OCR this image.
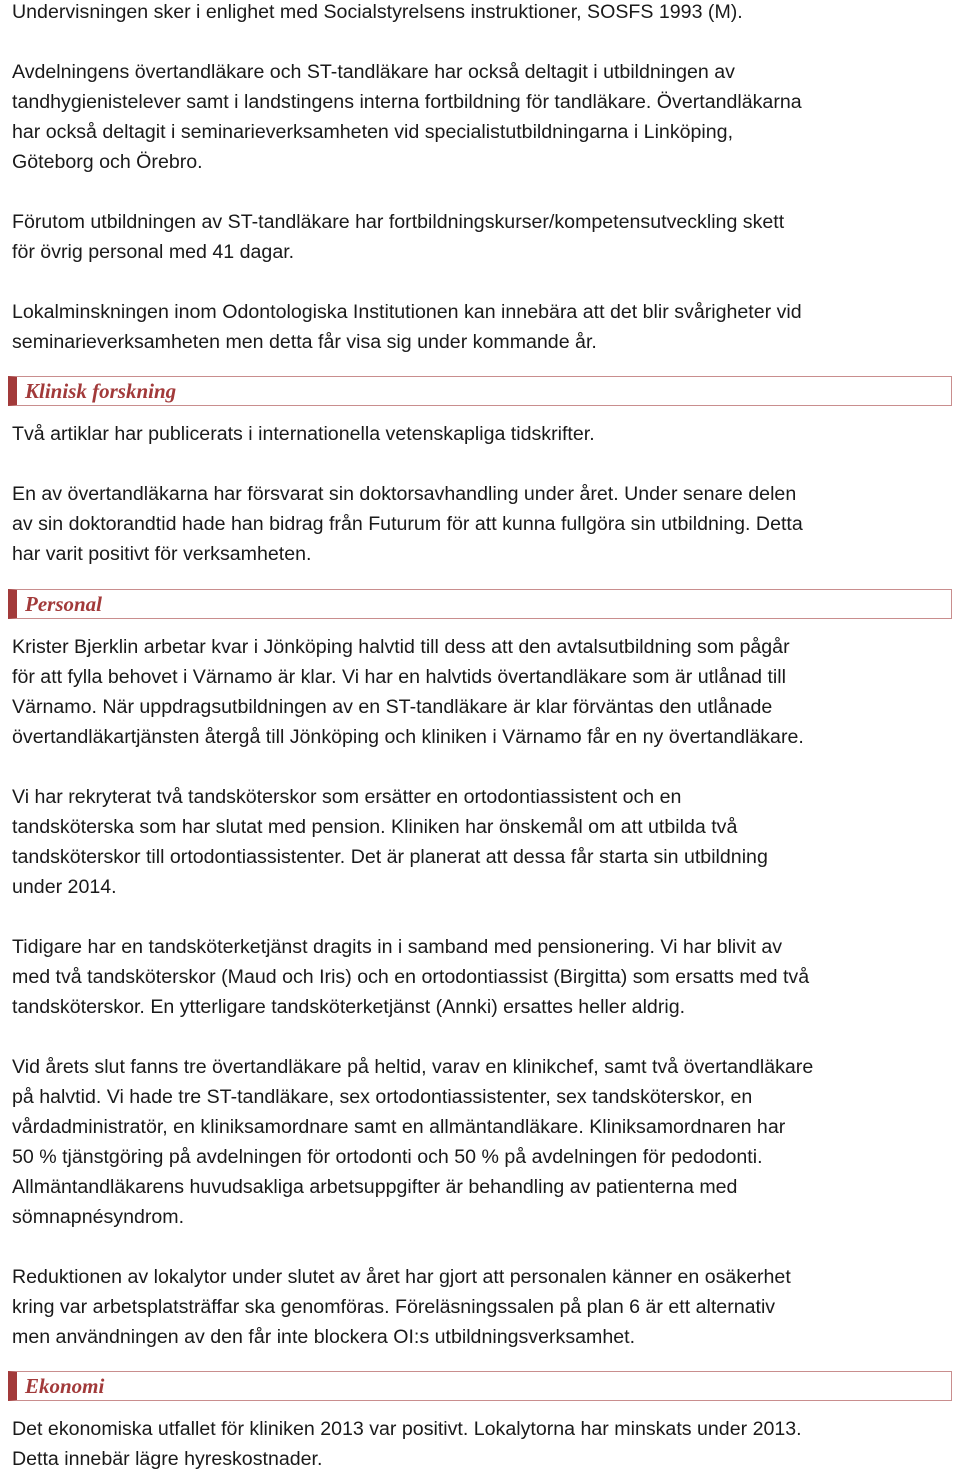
Undervisningen sker i enlighet med Socialstyrelsens instruktioner, SOSFS 1993 (M).

Avdelningens övertandläkare och ST-tandläkare har också deltagit i utbildningen av
tandhygienistelever samt i landstingens interna fortbildning för tandläkare. Övertandläkarna
har också deltagit i seminarieverksamheten vid specialistutbildningarna i Linköping,
Göteborg och Örebro.

Förutom utbildningen av ST-tandläkare har fortbildningskurser/kompetensutveckling skett
för övrig personal med 41 dagar.

Lokalminskningen inom Odontologiska Institutionen kan innebära att det blir svårigheter vid
seminarieverksamheten men detta får visa sig under kommande år.

Klinisk forskning

Två artiklar har publicerats i internationella vetenskapliga tidskrifter.

En av övertandläkarna har försvarat sin doktorsavhandling under året. Under senare delen
av sin doktorandtid hade han bidrag från Futurum för att kunna fullgöra sin utbildning. Detta
har varit positivt för verksamheten.

Personal

Krister Bjerklin arbetar kvar i Jönköping halvtid till dess att den avtalsutbildning som pågår
för att fylla behovet i Värnamo är klar. Vi har en halvtids övertandläkare som är utlånad till
Värnamo. När uppdragsutbildningen av en ST-tandläkare är klar förväntas den utlånade
övertandläkartjänsten återgå till Jönköping och kliniken i Värnamo får en ny övertandläkare.

Vi har rekryterat två tandsköterskor som ersätter en ortodontiassistent och en
tandsköterska som har slutat med pension. Kliniken har önskemål om att utbilda två
tandsköterskor till ortodontiassistenter. Det är planerat att dessa får starta sin utbildning
under 2014.

Tidigare har en tandsköterketjänst dragits in i samband med pensionering. Vi har blivit av
med två tandsköterskor (Maud och Iris) och en ortodontiassist (Birgitta) som ersatts med två
tandsköterskor. En ytterligare tandsköterketjänst (Annki) ersattes heller aldrig.

Vid årets slut fanns tre övertandläkare på heltid, varav en klinikchef, samt två övertandläkare
på halvtid. Vi hade tre ST-tandläkare, sex ortodontiassistenter, sex tandsköterskor, en
vårdadministratör, en kliniksamordnare samt en allmäntandläkare. Kliniksamordnaren har
50 % tjänstgöring på avdelningen för ortodonti och 50 % på avdelningen för pedodonti.
Allmäntandläkarens huvudsakliga arbetsuppgifter är behandling av patienterna med
sömnapnésyndrom.

Reduktionen av lokalytor under slutet av året har gjort att personalen känner en osäkerhet
kring var arbetsplatsträffar ska genomföras. Föreläsningssalen på plan 6 är ett alternativ
men användningen av den får inte blockera OI:s utbildningsverksamhet.

Ekonomi

Det ekonomiska utfallet för kliniken 2013 var positivt. Lokalytorna har minskats under 2013.
Detta innebär lägre hyreskostnader.
